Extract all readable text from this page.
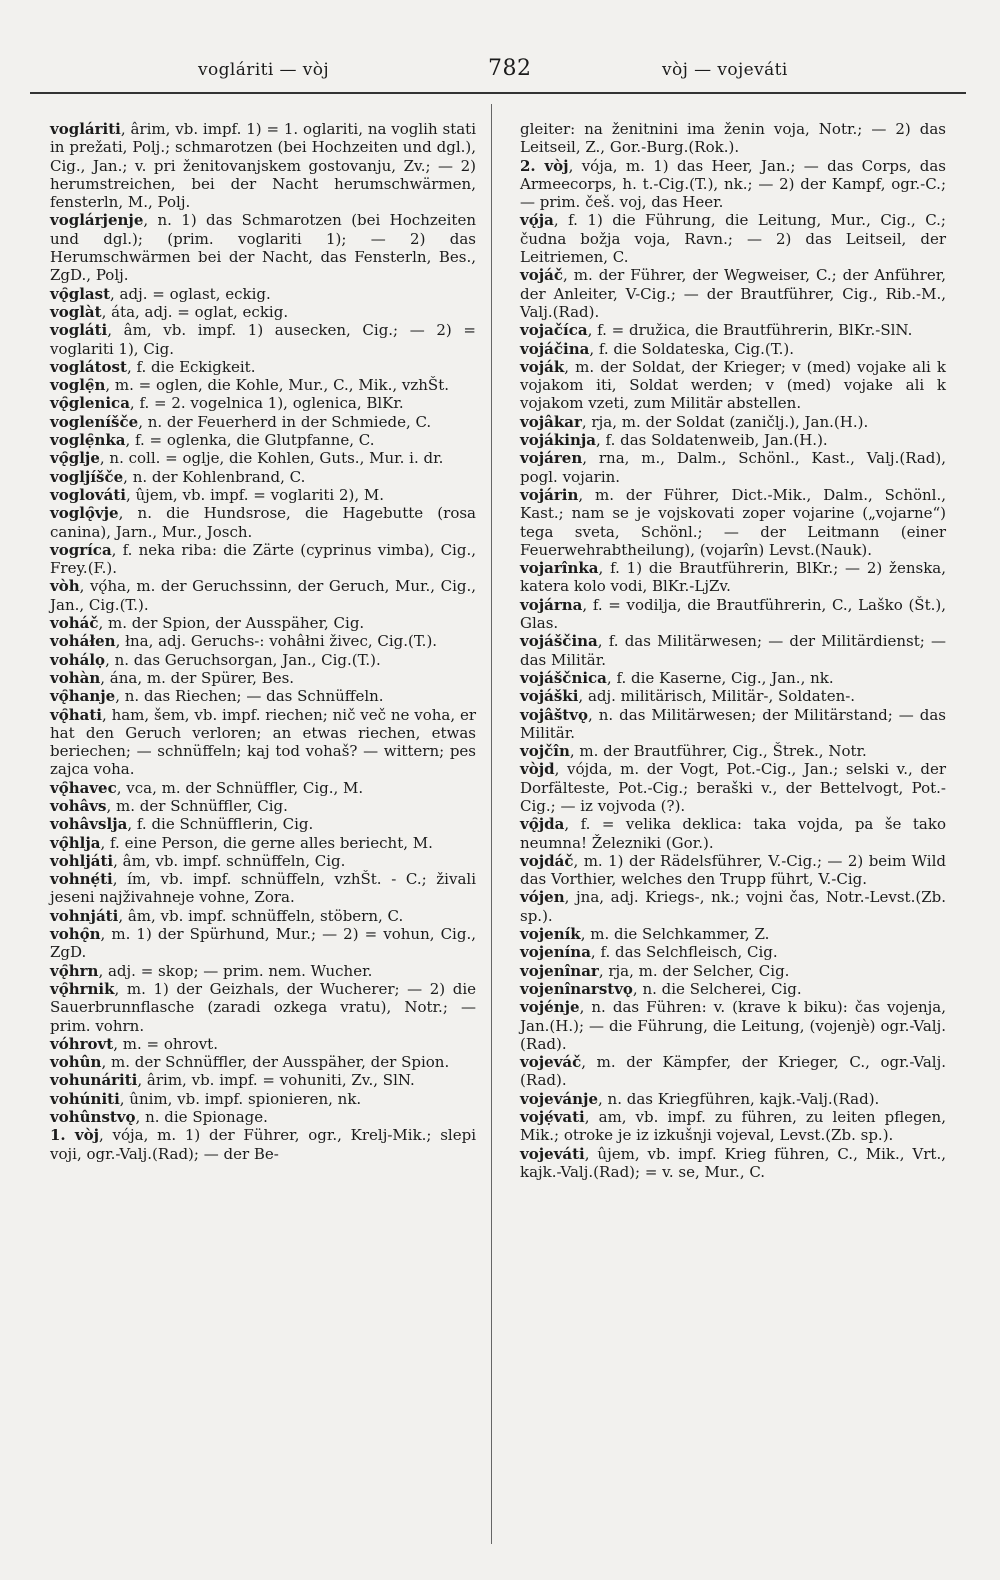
vogláriti — vòj	782	vòj — vojeváti

vogláriti, ârim, vb. impf. 1) = 1. oglariti, na voglih stati in prežati, Polj.; schmarotzen (bei Hochzeiten und dgl.), Cig., Jan.; v. pri ženitovanjskem gostovanju, Zv.; — 2) herumstreichen, bei der Nacht herumschwärmen, fensterln, M., Polj.

voglárjenje, n. 1) das Schmarotzen (bei Hochzeiten und dgl.); (prim. voglariti 1); — 2) das Herumschwärmen bei der Nacht, das Fensterln, Bes., ZgD., Polj.

vǫ̑glast, adj. = oglast, eckig.

voglàt, áta, adj. = oglat, eckig.

vogláti, âm, vb. impf. 1) ausecken, Cig.; — 2) = voglariti 1), Cig.

voglátost, f. die Eckigkeit.

voglẹ̑n, m. = oglen, die Kohle, Mur., C., Mik., vzhŠt.

vǫ̑glenica, f. = 2. vogelnica 1), oglenica, BlKr.

vogleníšče, n. der Feuerherd in der Schmiede, C.

voglẹ̑nka, f. = oglenka, die Glutpfanne, C.

vǫ̑glje, n. coll. = oglje, die Kohlen, Guts., Mur. i. dr.

vogljíšče, n. der Kohlenbrand, C.

voglováti, ûjem, vb. impf. = voglariti 2), M.

voglǫ̑vje, n. die Hundsrose, die Hagebutte (rosa canina), Jarn., Mur., Josch.

vogríca, f. neka riba: die Zärte (cyprinus vimba), Cig., Frey.(F.).

vòh, vǫ́ha, m. der Geruchssinn, der Geruch, Mur., Cig., Jan., Cig.(T.).

voháč, m. der Spion, der Ausspäher, Cig.

voháłen, łna, adj. Geruchs-: vohâłni živec, Cig.(T.).

vohálọ, n. das Geruchsorgan, Jan., Cig.(T.).

vohàn, ána, m. der Spürer, Bes.

vǫ̑hanje, n. das Riechen; — das Schnüffeln.

vǫ̑hati, ham, šem, vb. impf. riechen; nič več ne voha, er hat den Geruch verloren; an etwas riechen, etwas beriechen; — schnüffeln; kaj tod vohaš? — wittern; pes zajca voha.

vǫ̑havec, vca, m. der Schnüffler, Cig., M.

vohâvs, m. der Schnüffler, Cig.

vohâvslja, f. die Schnüfflerin, Cig.

vǫ̑hlja, f. eine Person, die gerne alles beriecht, M.

vohljáti, âm, vb. impf. schnüffeln, Cig.

vohnẹ́ti, ím, vb. impf. schnüffeln, vzhŠt. - C.; živali jeseni najživahneje vohne, Zora.

vohnjáti, âm, vb. impf. schnüffeln, stöbern, C.

vohǫ̑n, m. 1) der Spürhund, Mur.; — 2) = vohun, Cig., ZgD.

vǫ̑hrn, adj. = skop; — prim. nem. Wucher.

vǫ̑hrnik, m. 1) der Geizhals, der Wucherer; — 2) die Sauerbrunnflasche (zaradi ozkega vratu), Notr.; — prim. vohrn.

vóhrovt, m. = ohrovt.

vohûn, m. der Schnüffler, der Ausspäher, der Spion.

vohunáriti, ârim, vb. impf. = vohuniti, Zv., SlN.

vohúniti, ûnim, vb. impf. spionieren, nk.

vohûnstvǫ, n. die Spionage.

1. vòj, vója, m. 1) der Führer, ogr., Krelj-Mik.; slepi voji, ogr.-Valj.(Rad); — der Be-

gleiter: na ženitnini ima ženin voja, Notr.; — 2) das Leitseil, Z., Gor.-Burg.(Rok.).

2. vòj, vója, m. 1) das Heer, Jan.; — das Corps, das Armeecorps, h. t.-Cig.(T.), nk.; — 2) der Kampf, ogr.-C.; — prim. češ. voj, das Heer.

vǫ́ja, f. 1) die Führung, die Leitung, Mur., Cig., C.; čudna božja voja, Ravn.; — 2) das Leitseil, der Leitriemen, C.

voјáč, m. der Führer, der Wegweiser, C.; der Anführer, der Anleiter, V-Cig.; — der Brautführer, Cig., Rib.-M., Valj.(Rad).

vojačíca, f. = družica, die Brautführerin, BlKr.-SlN.

vojáčina, f. die Soldateska, Cig.(T.).

voják, m. der Soldat, der Krieger; v (med) vojake ali k vojakom iti, Soldat werden; v (med) vojake ali k vojakom vzeti, zum Militär abstellen.

vojâkar, rja, m. der Soldat (zaničlj.), Jan.(H.).

vojákinja, f. das Soldatenweib, Jan.(H.).

vojáren, rna, m., Dalm., Schönl., Kast., Valj.(Rad), pogl. vojarin.

vojárin, m. der Führer, Dict.-Mik., Dalm., Schönl., Kast.; nam se je vojskovati zoper vojarine („vojarne“) tega sveta, Schönl.; — der Leitmann (einer Feuerwehrabtheilung), (vojarîn) Levst.(Nauk).

vojarînka, f. 1) die Brautführerin, BlKr.; — 2) ženska, katera kolo vodi, BlKr.-LjZv.

vojárna, f. = vodilja, die Brautführerin, C., Laško (Št.), Glas.

vojáščina, f. das Militärwesen; — der Militärdienst; — das Militär.

vojáščnica, f. die Kaserne, Cig., Jan., nk.

vojáški, adj. militärisch, Militär-, Soldaten-.

vojâštvǫ, n. das Militärwesen; der Militärstand; — das Militär.

vojčîn, m. der Brautführer, Cig., Štrek., Notr.

vòjd, vójda, m. der Vogt, Pot.-Cig., Jan.; selski v., der Dorfälteste, Pot.-Cig.; beraški v., der Bettelvogt, Pot.-Cig.; — iz vojvoda (?).

vǫ̑jda, f. = velika deklica: taka vojda, pa še tako neumna! Železniki (Gor.).

vojdáč, m. 1) der Rädelsführer, V.-Cig.; — 2) beim Wild das Vorthier, welches den Trupp führt, V.-Cig.

vójen, jna, adj. Kriegs-, nk.; vojni čas, Notr.-Levst.(Zb. sp.).

vojeník, m. die Selchkammer, Z.

vojenína, f. das Selchfleisch, Cig.

vojenînar, rja, m. der Selcher, Cig.

vojenînarstvǫ, n. die Selcherei, Cig.

vojénje, n. das Führen: v. (krave k biku): čas vojenja, Jan.(H.); — die Führung, die Leitung, (vojenjè) ogr.-Valj.(Rad).

vojeváč, m. der Kämpfer, der Krieger, C., ogr.-Valj.(Rad).

vojevánje, n. das Kriegführen, kajk.-Valj.(Rad).

vojẹ́vati, am, vb. impf. zu führen, zu leiten pflegen, Mik.; otroke je iz izkušnji vojeval, Levst.(Zb. sp.).

vojeváti, ûjem, vb. impf. Krieg führen, C., Mik., Vrt., kajk.-Valj.(Rad); = v. se, Mur., C.
